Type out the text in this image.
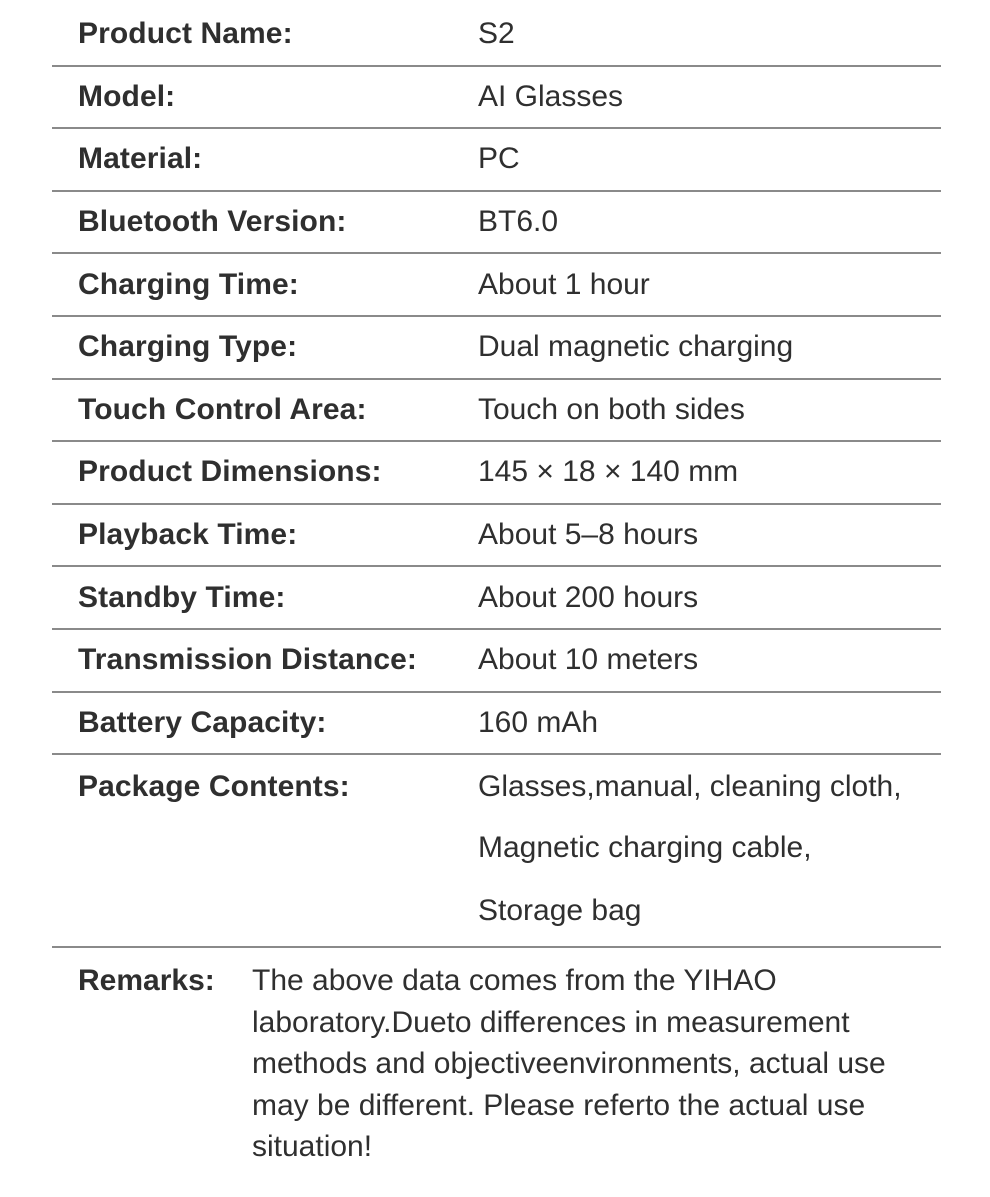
Product Name:	S2
Model:	AI Glasses
Material:	PC
Bluetooth Version:	BT6.0
Charging Time:	About 1 hour
Charging Type:	Dual magnetic charging
Touch Control Area:	Touch on both sides
Product Dimensions:	145 × 18 × 140 mm
Playback Time:	About 5–8 hours
Standby Time:	About 200 hours
Transmission Distance:	About 10 meters
Battery Capacity:	160 mAh
Package Contents:	Glasses,manual, cleaning cloth,
Magnetic charging cable,
Storage bag
Remarks:	The above data comes from the YIHAO
laboratory.Dueto differences in measurement
methods and objectiveenvironments, actual use
may be different. Please referto the actual use
situation!
